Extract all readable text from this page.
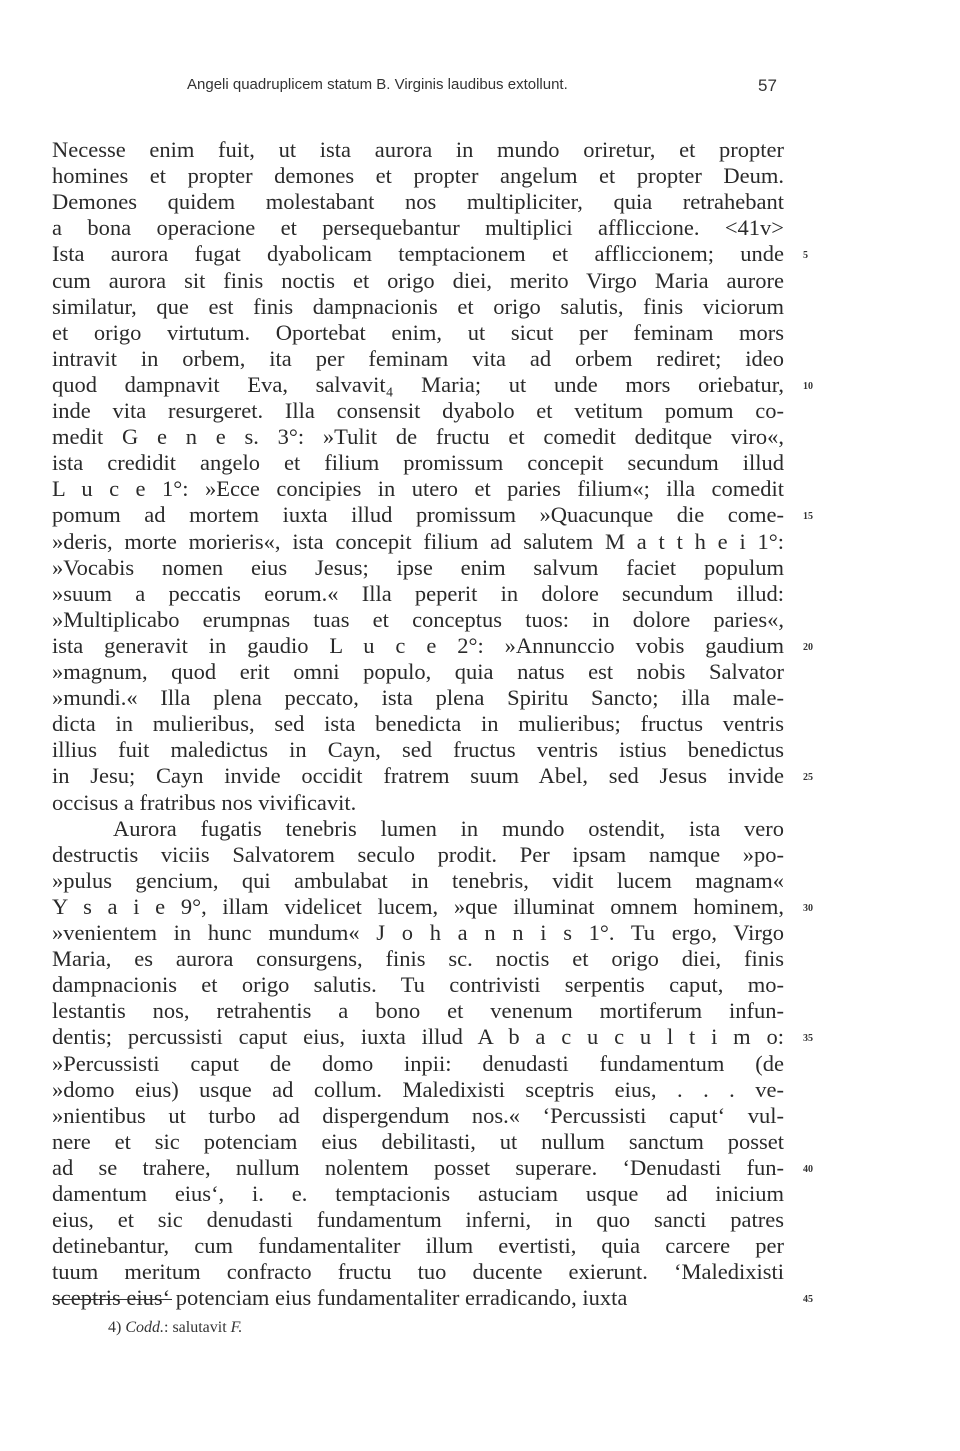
Angeli quadruplicem statum B. Virginis laudibus extollunt.	57
Necesse enim fuit, ut ista aurora in mundo oriretur, et propter
homines et propter demones et propter angelum et propter Deum.
Demones quidem molestabant nos multipliciter, quia retrahebant
a bona operacione et persequebantur multiplici affliccione. <41v>
Ista aurora fugat dyabolicam temptacionem et affliccionem; unde
cum aurora sit finis noctis et origo diei, merito Virgo Maria aurore
similatur, que est finis dampnacionis et origo salutis, finis viciorum
et origo virtutum. Oportebat enim, ut sicut per feminam mors
intravit in orbem, ita per feminam vita ad orbem rediret; ideo
quod dampnavit Eva, salvavit₄ Maria; ut unde mors oriebatur,
inde vita resurgeret. Illa consensit dyabolo et vetitum pomum co-
medit G e n e s. 3°: »Tulit de fructu et comedit deditque viro«,
ista credidit angelo et filium promissum concepit secundum illud
L u c e 1°: »Ecce concipies in utero et paries filium«; illa comedit
pomum ad mortem iuxta illud promissum »Quacunque die come-
»deris, morte morieris«, ista concepit filium ad salutem M a t t h e i 1°:
»Vocabis nomen eius Jesus; ipse enim salvum faciet populum
»suum a peccatis eorum.« Illa peperit in dolore secundum illud:
»Multiplicabo erumpnas tuas et conceptus tuos: in dolore paries«,
ista generavit in gaudio L u c e 2°: »Annunccio vobis gaudium
»magnum, quod erit omni populo, quia natus est nobis Salvator
»mundi.« Illa plena peccato, ista plena Spiritu Sancto; illa male-
dicta in mulieribus, sed ista benedicta in mulieribus; fructus ventris
illius fuit maledictus in Cayn, sed fructus ventris istius benedictus
in Jesu; Cayn invide occidit fratrem suum Abel, sed Jesus invide
occisus a fratribus nos vivificavit.
Aurora fugatis tenebris lumen in mundo ostendit, ista vero
destructis viciis Salvatorem seculo prodit. Per ipsam namque »po-
»pulus gencium, qui ambulabat in tenebris, vidit lucem magnam«
Y s a i e 9°, illam videlicet lucem, »que illuminat omnem hominem,
»venientem in hunc mundum« J o h a n n i s 1°. Tu ergo, Virgo
Maria, es aurora consurgens, finis sc. noctis et origo diei, finis
dampnacionis et origo salutis. Tu contrivisti serpentis caput, mo-
lestantis nos, retrahentis a bono et venenum mortiferum infun-
dentis; percussisti caput eius, iuxta illud A b a c u c u l t i m o:
»Percussisti caput de domo inpii: denudasti fundamentum (de
»domo eius) usque ad collum. Maledixisti sceptris eius, . . . ve-
»nientibus ut turbo ad dispergendum nos.« ‘Percussisti caput‘ vul-
nere et sic potenciam eius debilitasti, ut nullum sanctum posset
ad se trahere, nullum nolentem posset superare. ‘Denudasti fun-
damentum eius‘, i. e. temptacionis astuciam usque ad inicium
eius, et sic denudasti fundamentum inferni, in quo sancti patres
detinebantur, cum fundamentaliter illum evertisti, quia carcere per
tuum meritum confracto fructu tuo ducente exierunt. ‘Maledixisti
sceptris eius‘ potenciam eius fundamentaliter erradicando, iuxta
5
10
15
20
25
30
35
40
45
4) Codd.: salutavit F.
